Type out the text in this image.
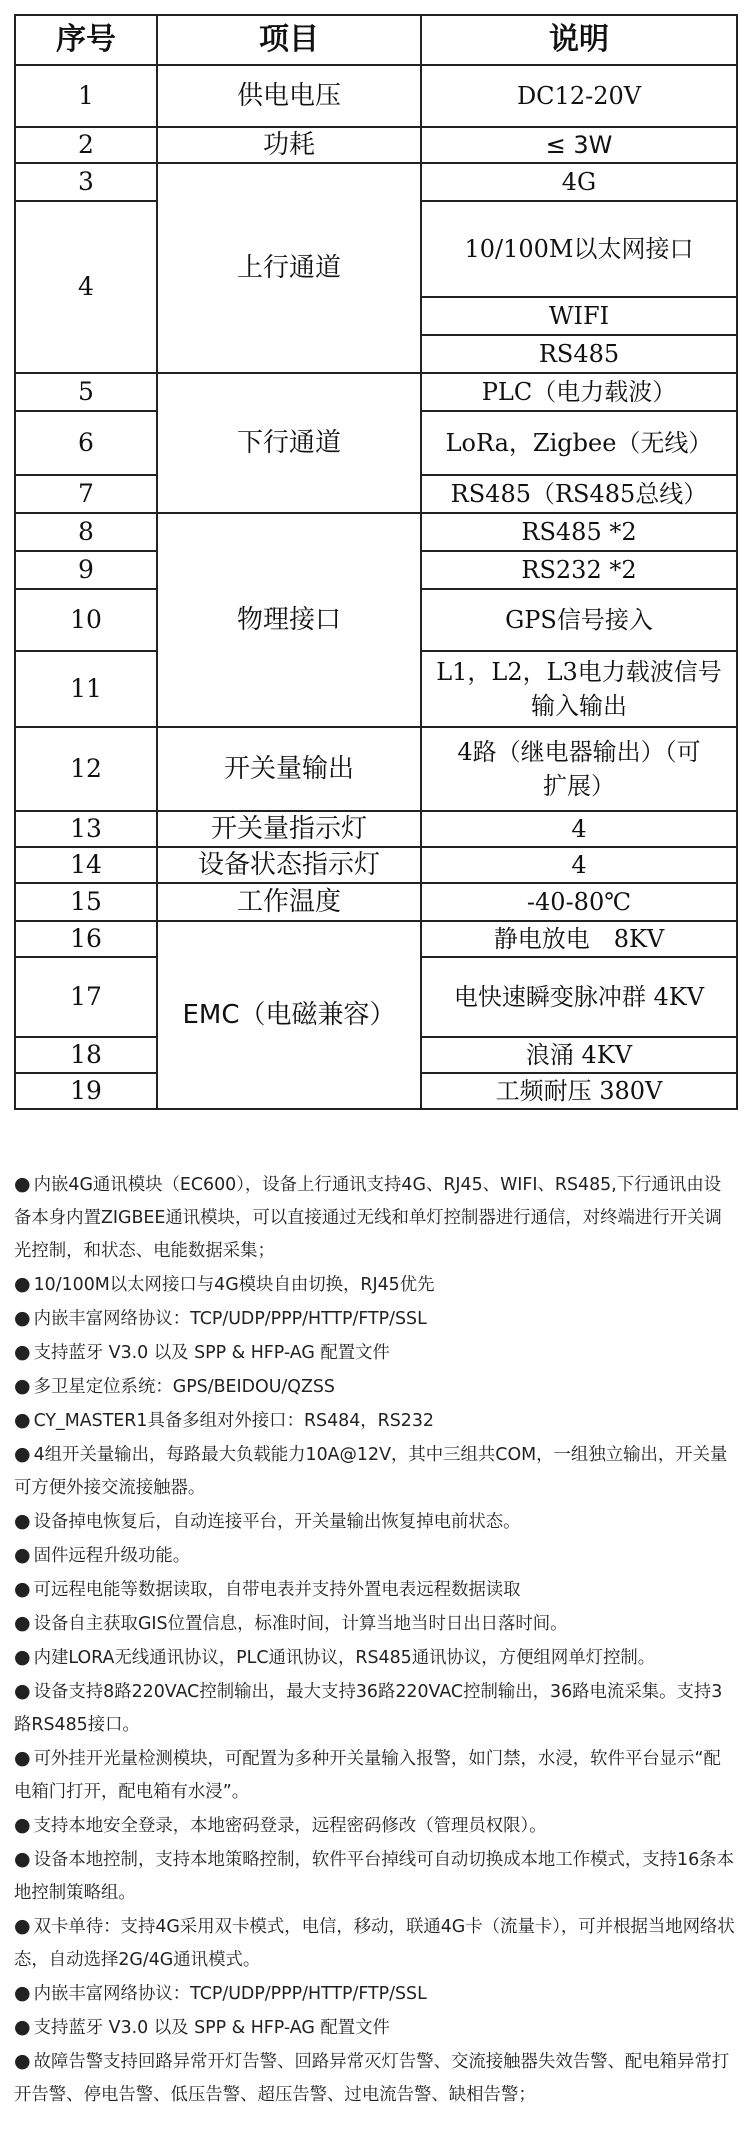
序号	项目	说明
1	供电电压	DC12-20V
2	功耗	≤ 3W
3	上行通道	4G
4		10/100M以太网接口

		WIFI
		RS485
5	下行通道	PLC（电力载波）
6		LoRa，Zigbee（无线）
7		RS485（RS485总线）
8	物理接口	RS485 *2
9		RS232 *2
10		GPS信号接入
11		L1，L2，L3电力载波信号
输入输出

12	开关量输出	4路（继电器输出）（可
扩展）

13	开关量指示灯	4
14	设备状态指示灯	4
15	工作温度	-40-80℃
16	EMC（电磁兼容）	静电放电　8KV
17		电快速瞬变脉冲群 4KV
18		浪涌 4KV
19		工频耐压 380V

● 内嵌4G通讯模块（EC600），设备上行通讯支持4G、RJ45、WIFI、RS485,下行通讯由设备本身内置ZIGBEE通讯模块，可以直接通过无线和单灯控制器进行通信，对终端进行开关调光控制，和状态、电能数据采集；

● 10/100M以太网接口与4G模块自由切换，RJ45优先

● 内嵌丰富网络协议：TCP/UDP/PPP/HTTP/FTP/SSL

● 支持蓝牙 V3.0 以及 SPP & HFP-AG 配置文件

● 多卫星定位系统：GPS/BEIDOU/QZSS

● CY_MASTER1具备多组对外接口：RS484，RS232

● 4组开关量输出，每路最大负载能力10A@12V，其中三组共COM，一组独立输出，开关量可方便外接交流接触器。

● 设备掉电恢复后，自动连接平台，开关量输出恢复掉电前状态。

● 固件远程升级功能。

● 可远程电能等数据读取，自带电表并支持外置电表远程数据读取

● 设备自主获取GIS位置信息，标准时间，计算当地当时日出日落时间。

● 内建LORA无线通讯协议，PLC通讯协议，RS485通讯协议，方便组网单灯控制。

● 设备支持8路220VAC控制输出，最大支持36路220VAC控制输出，36路电流采集。支持3路RS485接口。

● 可外挂开光量检测模块，可配置为多种开关量输入报警，如门禁，水浸，软件平台显示“配电箱门打开，配电箱有水浸”。

● 支持本地安全登录，本地密码登录，远程密码修改（管理员权限）。

● 设备本地控制，支持本地策略控制，软件平台掉线可自动切换成本地工作模式，支持16条本地控制策略组。

● 双卡单待：支持4G采用双卡模式，电信，移动，联通4G卡（流量卡），可并根据当地网络状态，自动选择2G/4G通讯模式。

● 内嵌丰富网络协议：TCP/UDP/PPP/HTTP/FTP/SSL

● 支持蓝牙 V3.0 以及 SPP & HFP-AG 配置文件

● 故障告警支持回路异常开灯告警、回路异常灭灯告警、交流接触器失效告警、配电箱异常打开告警、停电告警、低压告警、超压告警、过电流告警、缺相告警；
